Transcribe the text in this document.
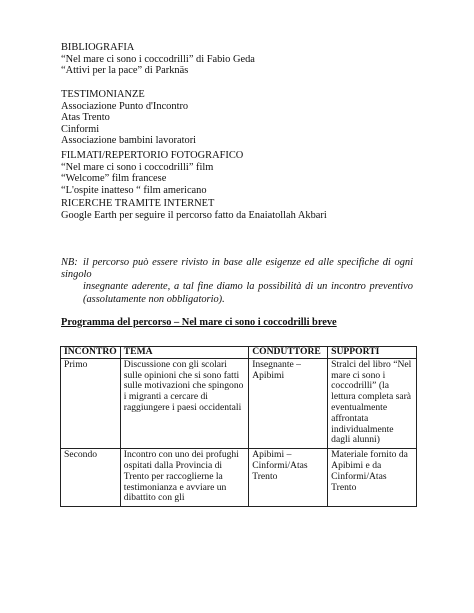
BIBLIOGRAFIA
“Nel mare ci sono i coccodrilli” di Fabio Geda
“Attivi per la pace” di Parknäs
TESTIMONIANZE
Associazione Punto d'Incontro
Atas Trento
Cinformi
Associazione bambini lavoratori
FILMATI/REPERTORIO FOTOGRAFICO
“Nel mare ci sono i coccodrilli” film
“Welcome” film francese
“L'ospite inatteso “ film americano
RICERCHE TRAMITE INTERNET
Google Earth per seguire il percorso fatto da Enaiatollah Akbari
NB: il percorso può essere rivisto in base alle esigenze ed alle specifiche di ogni singolo
insegnante aderente, a tal fine diamo la possibilità di un incontro preventivo (assolutamente non obbligatorio).
Programma del percorso – Nel mare ci sono i coccodrilli breve
INCONTRO	TEMA	CONDUTTORE	SUPPORTI
Primo	Discussione con gli scolari sulle opinioni che si sono fatti sulle motivazioni che spingono i migranti a cercare di raggiungere i paesi occidentali	Insegnante – Apibimi	Stralci del libro “Nel mare ci sono i coccodrilli” (la lettura completa sarà eventualmente affrontata individualmente dagli alunni)
Secondo	Incontro con uno dei profughi ospitati dalla Provincia di Trento per raccoglierne la testimonianza e avviare un dibattito con gli	Apibimi – Cinformi/Atas Trento	Materiale fornito da Apibimi e da Cinformi/Atas Trento
